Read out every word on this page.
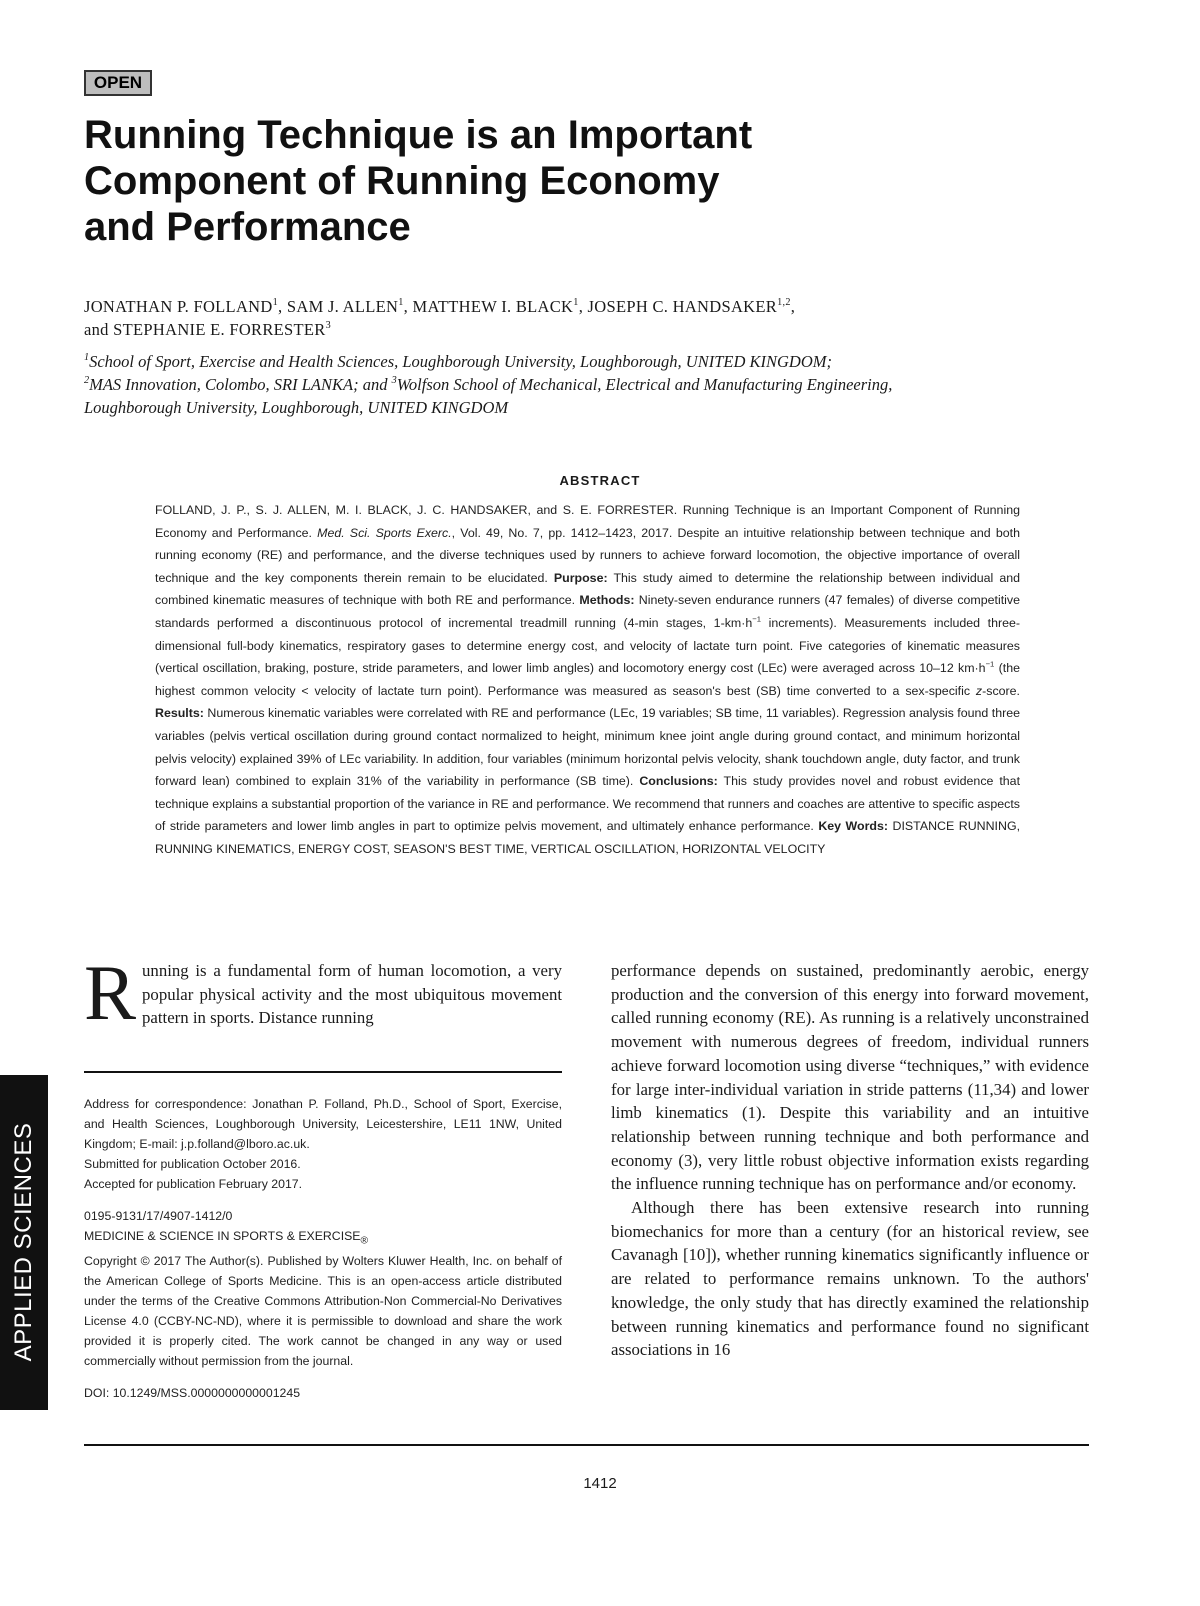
OPEN
Running Technique is an Important
Component of Running Economy
and Performance
JONATHAN P. FOLLAND$^1$, SAM J. ALLEN$^1$, MATTHEW I. BLACK$^1$, JOSEPH C. HANDSAKER$^{1,2}$,
and STEPHANIE E. FORRESTER$^3$
$^1$School of Sport, Exercise and Health Sciences, Loughborough University, Loughborough, UNITED KINGDOM;
$^2$MAS Innovation, Colombo, SRI LANKA; and $^3$Wolfson School of Mechanical, Electrical and Manufacturing Engineering,
Loughborough University, Loughborough, UNITED KINGDOM
ABSTRACT
FOLLAND, J. P., S. J. ALLEN, M. I. BLACK, J. C. HANDSAKER, and S. E. FORRESTER. Running Technique is an Important Component of Running Economy and Performance. Med. Sci. Sports Exerc., Vol. 49, No. 7, pp. 1412–1423, 2017. Despite an intuitive relationship between technique and both running economy (RE) and performance, and the diverse techniques used by runners to achieve forward locomotion, the objective importance of overall technique and the key components therein remain to be elucidated. Purpose: This study aimed to determine the relationship between individual and combined kinematic measures of technique with both RE and performance. Methods: Ninety-seven endurance runners (47 females) of diverse competitive standards performed a discontinuous protocol of incremental treadmill running (4-min stages, $1-km\cdot h^{-1}$ increments). Measurements included three-dimensional full-body kinematics, respiratory gases to determine energy cost, and velocity of lactate turn point. Five categories of kinematic measures (vertical oscillation, braking, posture, stride parameters, and lower limb angles) and locomotory energy cost (LEc) were averaged across 10–12 $km\cdot h^{-1}$ (the highest common velocity < velocity of lactate turn point). Performance was measured as season's best (SB) time converted to a sex-specific z-score. Results: Numerous kinematic variables were correlated with RE and performance (LEc, 19 variables; SB time, 11 variables). Regression analysis found three variables (pelvis vertical oscillation during ground contact normalized to height, minimum knee joint angle during ground contact, and minimum horizontal pelvis velocity) explained 39% of LEc variability. In addition, four variables (minimum horizontal pelvis velocity, shank touchdown angle, duty factor, and trunk forward lean) combined to explain 31% of the variability in performance (SB time). Conclusions: This study provides novel and robust evidence that technique explains a substantial proportion of the variance in RE and performance. We recommend that runners and coaches are attentive to specific aspects of stride parameters and lower limb angles in part to optimize pelvis movement, and ultimately enhance performance. Key Words: DISTANCE RUNNING, RUNNING KINEMATICS, ENERGY COST, SEASON'S BEST TIME, VERTICAL OSCILLATION, HORIZONTAL VELOCITY
Running is a fundamental form of human locomotion, a very popular physical activity and the most ubiquitous movement pattern in sports. Distance running
Address for correspondence: Jonathan P. Folland, Ph.D., School of Sport, Exercise, and Health Sciences, Loughborough University, Leicestershire, LE11 1NW, United Kingdom; E-mail: j.p.folland@lboro.ac.uk.
Submitted for publication October 2016.
Accepted for publication February 2017.
0195-9131/17/4907-1412/0
MEDICINE & SCIENCE IN SPORTS & $EXERCISE_®$
Copyright © 2017 The Author(s). Published by Wolters Kluwer Health, Inc. on behalf of the American College of Sports Medicine. This is an open-access article distributed under the terms of the Creative Commons Attribution-Non Commercial-No Derivatives License 4.0 (CCBY-NC-ND), where it is permissible to download and share the work provided it is properly cited. The work cannot be changed in any way or used commercially without permission from the journal.
DOI: 10.1249/MSS.0000000000001245
performance depends on sustained, predominantly aerobic, energy production and the conversion of this energy into forward movement, called running economy (RE). As running is a relatively unconstrained movement with numerous degrees of freedom, individual runners achieve forward locomotion using diverse “techniques,” with evidence for large inter-individual variation in stride patterns (11,34) and lower limb kinematics (1). Despite this variability and an intuitive relationship between running technique and both performance and economy (3), very little robust objective information exists regarding the influence running technique has on performance and/or economy.
Although there has been extensive research into running biomechanics for more than a century (for an historical review, see Cavanagh [10]), whether running kinematics significantly influence or are related to performance remains unknown. To the authors' knowledge, the only study that has directly examined the relationship between running kinematics and performance found no significant associations in 16
APPLIED SCIENCES
1412
